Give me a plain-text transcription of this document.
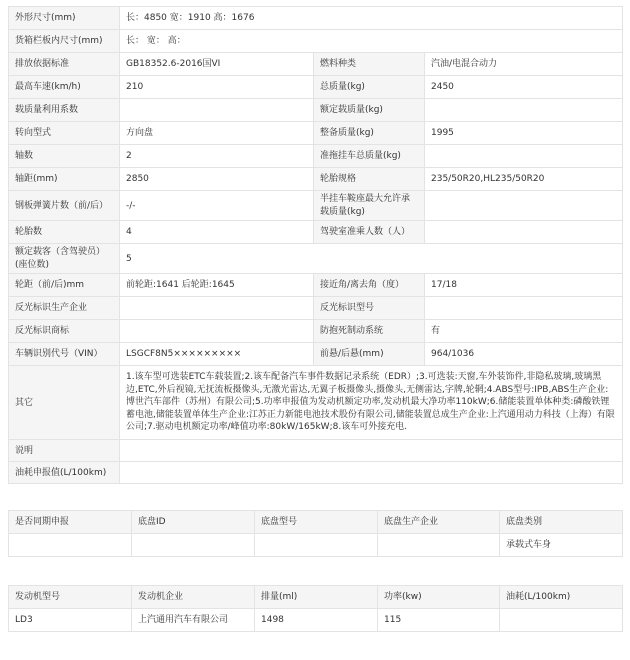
外形尺寸(mm)	长：4850 宽：1910 高：1676		
货箱栏板内尺寸(mm)	长： 宽： 高：		
排放依据标准	GB18352.6-2016国VI	燃料种类	汽油/电混合动力
最高车速(km/h)	210	总质量(kg)	2450
载质量利用系数		额定载质量(kg)	
转向型式	方向盘	整备质量(kg)	1995
轴数	2	准拖挂车总质量(kg)	
轴距(mm)	2850	轮胎规格	235/50R20,HL235/50R20
钢板弹簧片数（前/后）	-/-	半挂车鞍座最大允许承载质量(kg)	
轮胎数	4	驾驶室准乘人数（人）	
额定载客（含驾驶员）(座位数)	5		
轮距（前/后)mm	前轮距:1641 后轮距:1645	接近角/离去角（度）	17/18
反光标识生产企业		反光标识型号	
反光标识商标		防抱死制动系统	有
车辆识别代号（VIN）	LSGCF8N5×××××××××	前悬/后悬(mm)	964/1036
其它	1.该车型可选装ETC车载装置;2.该车配备汽车事件数据记录系统（EDR）;3.可选装:天窗,车外装饰件,非隐私玻璃,玻璃黑边,ETC,外后视镜,无抚流板摄像头,无激光雷达,无翼子板摄像头,摄像头,无侧雷达,字牌,轮辋;4.ABS型号:IPB,ABS生产企业:博世汽车部件（苏州）有限公司;5.功率申报值为发动机额定功率,发动机最大净功率110kW;6.储能装置单体种类:磷酸铁锂蓄电池,储能装置单体生产企业:江苏正力新能电池技术股份有限公司,储能装置总成生产企业:上汽通用动力科技（上海）有限公司;7.驱动电机额定功率/峰值功率:80kW/165kW;8.该车可外接充电.		
说明			
油耗申报值(L/100km)			
是否同期申报	底盘ID	底盘型号	底盘生产企业	底盘类别
				承载式车身
发动机型号	发动机企业	排量(ml)	功率(kw)	油耗(L/100km)
LD3	上汽通用汽车有限公司	1498	115	
